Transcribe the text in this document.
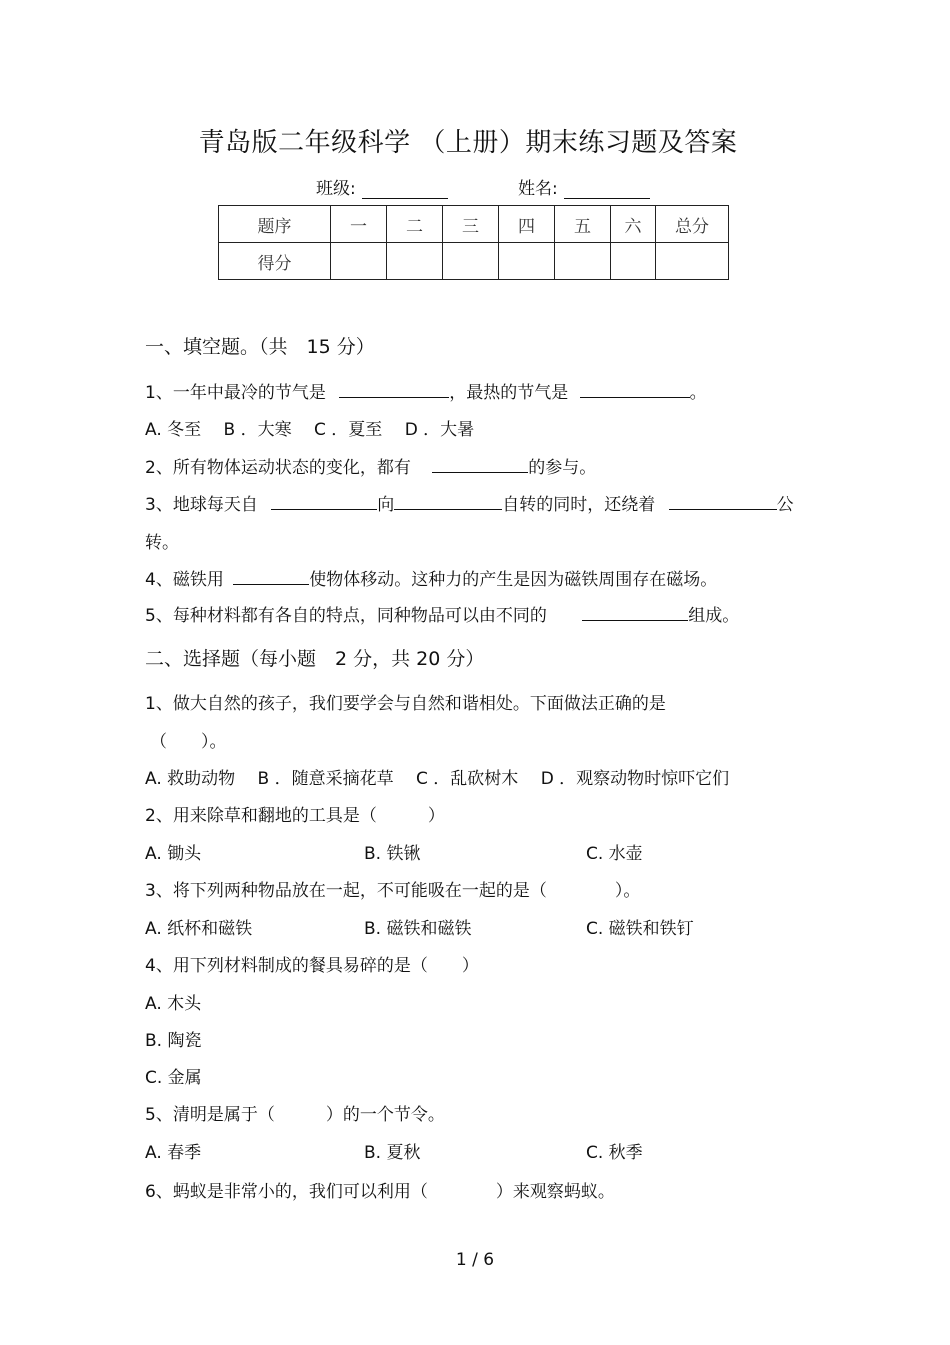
青岛版二年级科学 （上册）期末练习题及答案
班级:	姓名:
题序	一	二	三	四	五	六	总分
得分							
一、填空题。（共　15 分）
1、一年中最冷的节气是	，最热的节气是	。
A. 冬至　 B ．大寒　 C ．夏至　 D ．大暑
2、所有物体运动状态的变化，都有	的参与。
3、地球每天自	向	自转的同时，还绕着	公
转。
4、磁铁用	使物体移动。这种力的产生是因为磁铁周围存在磁场。
5、每种材料都有各自的特点，同种物品可以由不同的	组成。
二、选择题（每小题　2 分，共 20 分）
1、做大自然的孩子，我们要学会与自然和谐相处。下面做法正确的是
（　　）。
A. 救助动物　 B ．随意采摘花草　 C ．乱砍树木　 D ．观察动物时惊吓它们
2、用来除草和翻地的工具是（　　　）
A. 锄头	B. 铁锹	C. 水壶
3、将下列两种物品放在一起，不可能吸在一起的是（　　　　）。
A. 纸杯和磁铁	B. 磁铁和磁铁	C. 磁铁和铁钉
4、用下列材料制成的餐具易碎的是（　　）
A. 木头
B. 陶瓷
C. 金属
5、清明是属于（　　　）的一个节令。
A. 春季	B. 夏秋	C. 秋季
6、蚂蚁是非常小的，我们可以利用（　　　　）来观察蚂蚁。
1 / 6
